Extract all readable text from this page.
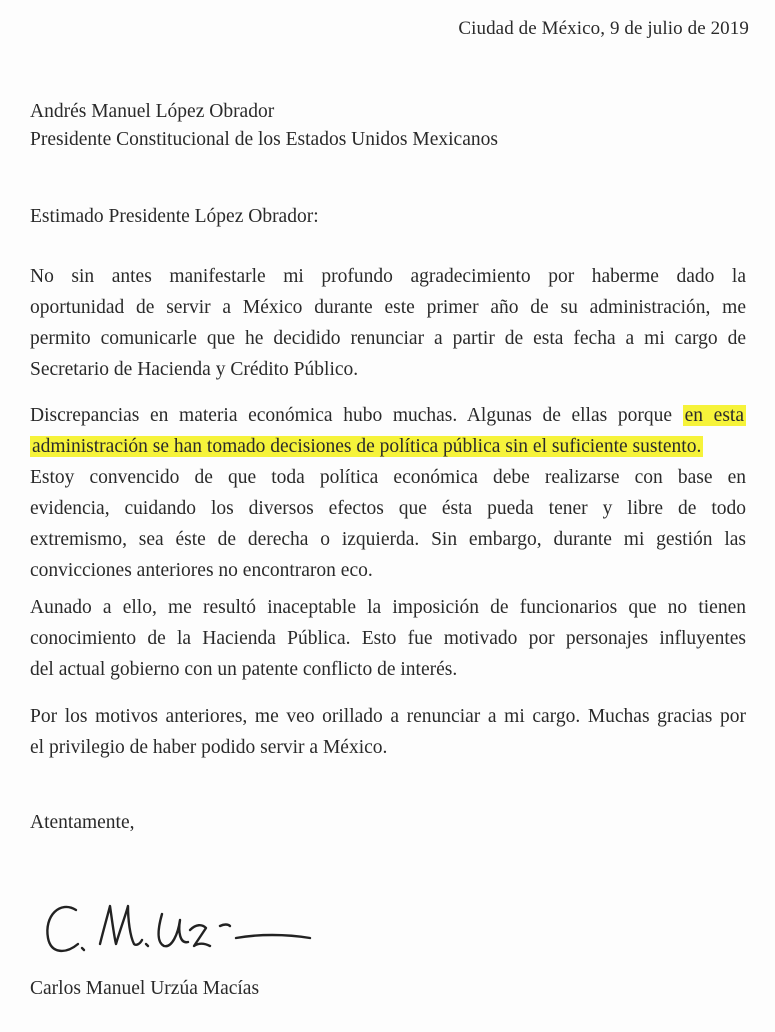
Ciudad de México, 9 de julio de 2019
Andrés Manuel López Obrador
Presidente Constitucional de los Estados Unidos Mexicanos
Estimado Presidente López Obrador:
No sin antes manifestarle mi profundo agradecimiento por haberme dado la
oportunidad de servir a México durante este primer año de su administración, me
permito comunicarle que he decidido renunciar a partir de esta fecha a mi cargo de
Secretario de Hacienda y Crédito Público.
Discrepancias en materia económica hubo muchas. Algunas de ellas porque en esta
administración se han tomado decisiones de política pública sin el suficiente sustento.
Estoy convencido de que toda política económica debe realizarse con base en
evidencia, cuidando los diversos efectos que ésta pueda tener y libre de todo
extremismo, sea éste de derecha o izquierda. Sin embargo, durante mi gestión las
convicciones anteriores no encontraron eco.
Aunado a ello, me resultó inaceptable la imposición de funcionarios que no tienen
conocimiento de la Hacienda Pública. Esto fue motivado por personajes influyentes
del actual gobierno con un patente conflicto de interés.
Por los motivos anteriores, me veo orillado a renunciar a mi cargo. Muchas gracias por
el privilegio de haber podido servir a México.
Atentamente,
Carlos Manuel Urzúa Macías
